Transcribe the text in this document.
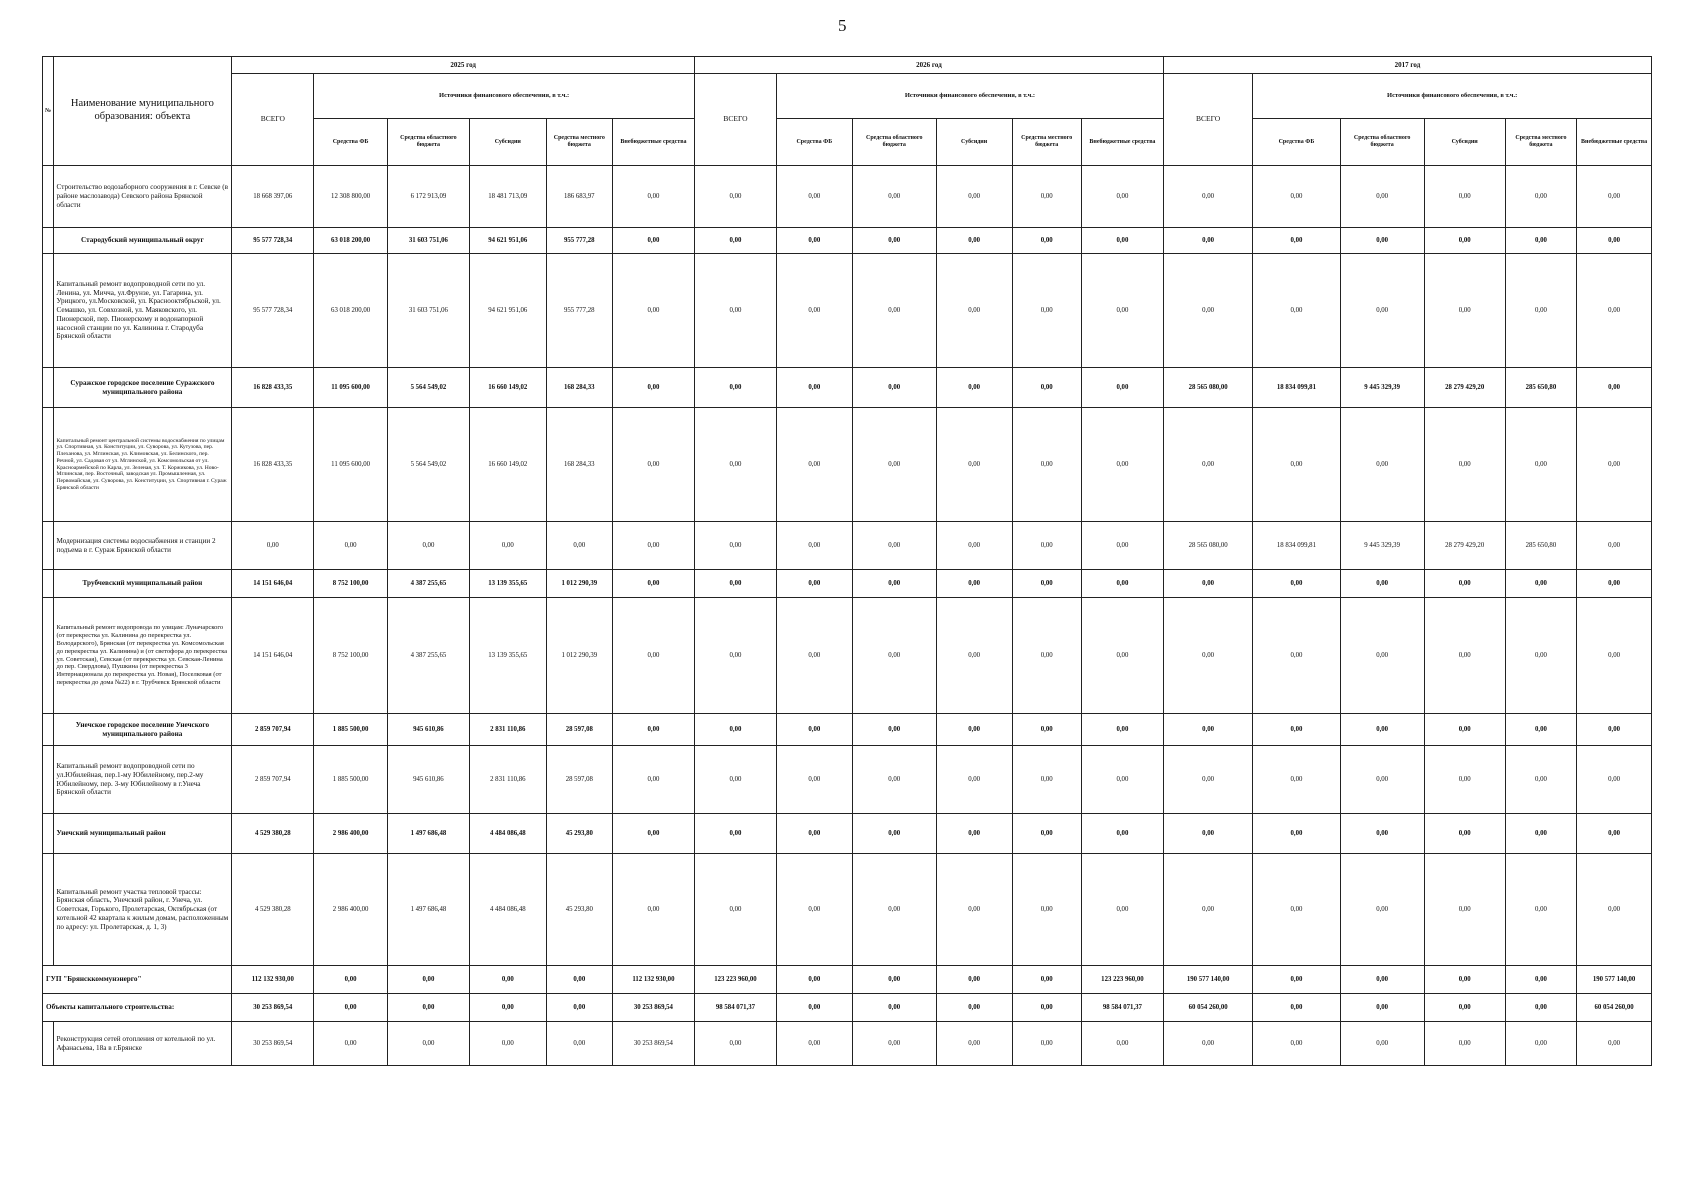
5
№	Наименование муниципального образования: объекта	2025 год						2026 год						2017 год					
		ВСЕГО	Источники финансового обеспечения, в т.ч.:					ВСЕГО	Источники финансового обеспечения, в т.ч.:					ВСЕГО	Источники финансового обеспечения, в т.ч.:				
			Средства ФБ	Средства областного бюджета	Субсидии	Средства местного бюджета	Внебюджетные средства		Средства ФБ	Средства областного бюджета	Субсидии	Средства местного бюджета	Внебюджетные средства		Средства ФБ	Средства областного бюджета	Субсидии	Средства местного бюджета	Внебюджетные средства
	Строительство водозаборного сооружения в г. Севске (в районе маслозавода) Севского района Брянской области	18 668 397,06	12 308 800,00	6 172 913,09	18 481 713,09	186 683,97	0,00	0,00	0,00	0,00	0,00	0,00	0,00	0,00	0,00	0,00	0,00	0,00	0,00
	Стародубский муниципальный округ	95 577 728,34	63 018 200,00	31 603 751,06	94 621 951,06	955 777,28	0,00	0,00	0,00	0,00	0,00	0,00	0,00	0,00	0,00	0,00	0,00	0,00	0,00
	Капитальный ремонт водопроводной сети по ул. Ленина, ул. Мичча, ул.Фрунзе, ул. Гагарина, ул. Урицкого, ул.Московской, ул. Красноoктябрьской, ул. Семашко, ул. Совхозной, ул. Маяковского, ул. Пионерской, пер. Пионерскому и водонапорной насосной станции по ул. Калинина г. Стародуба Брянской области	95 577 728,34	63 018 200,00	31 603 751,06	94 621 951,06	955 777,28	0,00	0,00	0,00	0,00	0,00	0,00	0,00	0,00	0,00	0,00	0,00	0,00	0,00
	Суражское городское поселение Суражского муниципального района	16 828 433,35	11 095 600,00	5 564 549,02	16 660 149,02	168 284,33	0,00	0,00	0,00	0,00	0,00	0,00	0,00	28 565 080,00	18 834 099,81	9 445 329,39	28 279 429,20	285 650,80	0,00
	Капитальный ремонт центральной системы водоснабжения по улицам ул. Спортивная, ул. Конституции, ул. Суворова, ул. Кутузова, пер. Плеханова, ул. Мглинская, ул. Климовская, ул. Белинского, пер. Речной, ул. Садовая от ул. Мглинской, ул. Комсомольская от ул. Красноармейской по Карла, ул. Зеленая, ул. Т. Коржикова, ул. Ново-Мглинская, пер. Восточный, заводская ул. Промышленная, ул. Первомайская, ул. Суворова, ул. Конституции, ул. Спортивная г. Сураж Брянской области	16 828 433,35	11 095 600,00	5 564 549,02	16 660 149,02	168 284,33	0,00	0,00	0,00	0,00	0,00	0,00	0,00	0,00	0,00	0,00	0,00	0,00	0,00
	Модернизация системы водоснабжения и станции 2 подъема в г. Сураж Брянской области	0,00	0,00	0,00	0,00	0,00	0,00	0,00	0,00	0,00	0,00	0,00	0,00	28 565 080,00	18 834 099,81	9 445 329,39	28 279 429,20	285 650,80	0,00
	Трубчевский муниципальный район	14 151 646,04	8 752 100,00	4 387 255,65	13 139 355,65	1 012 290,39	0,00	0,00	0,00	0,00	0,00	0,00	0,00	0,00	0,00	0,00	0,00	0,00	0,00
	Капитальный ремонт водопровода по улицам: Луначарского (от перекрестка ул. Калинина до перекрестка ул. Володарского), Брянская (от перекрестка ул. Комсомольская до перекрестка ул. Калинина) и (от светофора до перекрестка ул. Советская), Севская (от перекрестка ул. Севская-Ленина до пер. Свердлова), Пушкина (от перекрестка 3 Интернационала до перекрестка ул. Новая), Поселковая (от перекрестка до дома №22) в г. Трубчевск Брянской области	14 151 646,04	8 752 100,00	4 387 255,65	13 139 355,65	1 012 290,39	0,00	0,00	0,00	0,00	0,00	0,00	0,00	0,00	0,00	0,00	0,00	0,00	0,00
	Унечское городское поселение Унечского муниципального района	2 859 707,94	1 885 500,00	945 610,86	2 831 110,86	28 597,08	0,00	0,00	0,00	0,00	0,00	0,00	0,00	0,00	0,00	0,00	0,00	0,00	0,00
	Капитальный ремонт водопроводной сети по ул.Юбилейная, пер.1-му Юбилейному, пер.2-му Юбилейному, пер. 3-му Юбилейному в г.Унеча Брянской области	2 859 707,94	1 885 500,00	945 610,86	2 831 110,86	28 597,08	0,00	0,00	0,00	0,00	0,00	0,00	0,00	0,00	0,00	0,00	0,00	0,00	0,00
	Унечский муниципальный район	4 529 380,28	2 986 400,00	1 497 686,48	4 484 086,48	45 293,80	0,00	0,00	0,00	0,00	0,00	0,00	0,00	0,00	0,00	0,00	0,00	0,00	0,00
	Капитальный ремонт участка тепловой трассы: Брянская область, Унечский район, г. Унеча, ул. Советская, Горького, Пролетарская, Октябрьская (от котельной 42 квартала к жилым домам, расположенным по адресу: ул. Пролетарская, д. 1, 3)	4 529 380,28	2 986 400,00	1 497 686,48	4 484 086,48	45 293,80	0,00	0,00	0,00	0,00	0,00	0,00	0,00	0,00	0,00	0,00	0,00	0,00	0,00
ГУП "Брянсккоммунэнерго"		112 132 930,00	0,00	0,00	0,00	0,00	112 132 930,00	123 223 960,00	0,00	0,00	0,00	0,00	123 223 960,00	190 577 140,00	0,00	0,00	0,00	0,00	190 577 140,00
Объекты капитального строительства:		30 253 869,54	0,00	0,00	0,00	0,00	30 253 869,54	98 584 071,37	0,00	0,00	0,00	0,00	98 584 071,37	60 054 260,00	0,00	0,00	0,00	0,00	60 054 260,00
	Реконструкция сетей отопления от котельной по ул. Афанасьева, 18а в г.Брянске	30 253 869,54	0,00	0,00	0,00	0,00	30 253 869,54	0,00	0,00	0,00	0,00	0,00	0,00	0,00	0,00	0,00	0,00	0,00	0,00
